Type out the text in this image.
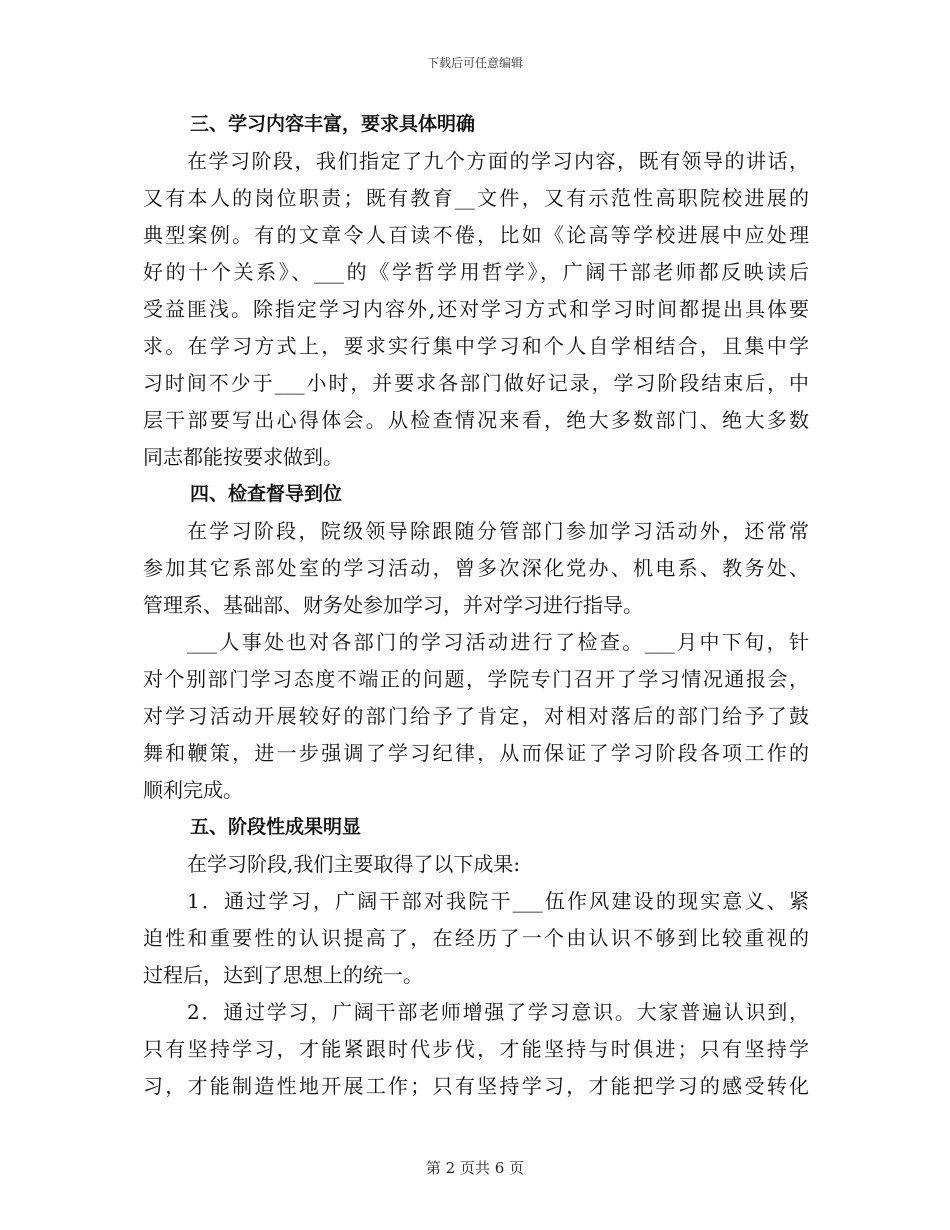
下载后可任意编辑

三、学习内容丰富，要求具体明确

在学习阶段，我们指定了九个方面的学习内容，既有领导的讲话，
又有本人的岗位职责；既有教育__文件，又有示范性高职院校进展的
典型案例。有的文章令人百读不倦，比如《论高等学校进展中应处理
好的十个关系》、___的《学哲学用哲学》，广阔干部老师都反映读后
受益匪浅。除指定学习内容外,还对学习方式和学习时间都提出具体要
求。在学习方式上，要求实行集中学习和个人自学相结合，且集中学
习时间不少于___小时，并要求各部门做好记录，学习阶段结束后，中
层干部要写出心得体会。从检查情况来看，绝大多数部门、绝大多数
同志都能按要求做到。

四、检查督导到位

在学习阶段，院级领导除跟随分管部门参加学习活动外，还常常
参加其它系部处室的学习活动，曾多次深化党办、机电系、教务处、
管理系、基础部、财务处参加学习，并对学习进行指导。
___人事处也对各部门的学习活动进行了检查。___月中下旬，针
对个别部门学习态度不端正的问题，学院专门召开了学习情况通报会，
对学习活动开展较好的部门给予了肯定，对相对落后的部门给予了鼓
舞和鞭策，进一步强调了学习纪律，从而保证了学习阶段各项工作的
顺利完成。

五、阶段性成果明显

在学习阶段,我们主要取得了以下成果:
1．通过学习，广阔干部对我院干___伍作风建设的现实意义、紧
迫性和重要性的认识提高了，在经历了一个由认识不够到比较重视的
过程后，达到了思想上的统一。
2．通过学习，广阔干部老师增强了学习意识。大家普遍认识到，
只有坚持学习，才能紧跟时代步伐，才能坚持与时俱进；只有坚持学
习，才能制造性地开展工作；只有坚持学习，才能把学习的感受转化
第 2 页共 6 页
